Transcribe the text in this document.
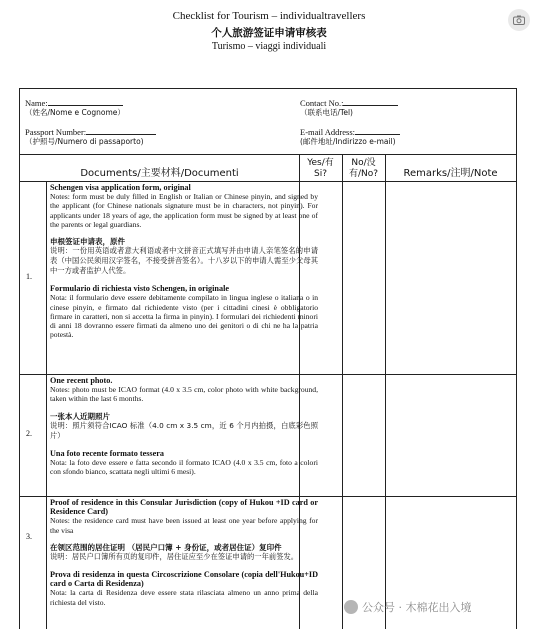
Checklist for Tourism – individualtravellers
个人旅游签证申请审核表
Turismo – viaggi individuali
Name:
（姓名/Nome e Cognome）
Passport Number:
（护照号/Numero di passaporto)
Contact No.:
（联系电话/Tel)
E-mail Address:
(邮件地址/Indirizzo e-mail)
Documents/主要材料/Documenti
Yes/有
Si?
No/没
有/No?	Remarks/注明/Note
1.

Schengen visa application form, original

Notes: form must be duly filled in English or Italian or Chinese pinyin, and signed by the applicant (for Chinese nationals signature must be in characters, not pinyin). For applicants under 18 years of age, the application form must be signed by at least one of the parents or legal guardians.

申根签证申请表，原件

说明：一份用英语或者意大利语或者中文拼音正式填写并由申请人亲笔签名的申请表（中国公民须用汉字签名，不接受拼音签名）。十八岁以下的申请人需至少父母其中一方或者监护人代签。

Formulario di richiesta visto Schengen, in originale

Nota: il formulario deve essere debitamente compilato in lingua inglese o italiana o in cinese pinyin, e firmato dal richiedente visto (per i cittadini cinesi è obbligatorio firmare in caratteri, non si accetta la firma in pinyin). I formulari dei richiedenti minori di anni 18 dovranno essere firmati da almeno uno dei genitori o di chi ne ha la patria potestà.

2.

One recent photo.

Notes: photo must be ICAO format (4.0 x 3.5 cm, color photo with white background, taken within the last 6 months.

一张本人近期照片

说明：照片须符合ICAO 标准（4.0 cm x 3.5 cm，近 6 个月内拍摄，白底彩色照片）

Una foto recente formato tessera

Nota: la foto deve essere e fatta secondo il formato ICAO (4.0 x 3.5 cm, foto a colori con sfondo bianco, scattata negli ultimi 6 mesi).

3.

Proof of residence in this Consular Jurisdiction (copy of Hukou +ID card or Residence Card)

Notes: the residence card must have been issued at least one year before applying for the visa

在领区范围的居住证明 （居民户口簿 + 身份证，或者居住证）复印件

说明：居民户口簿所有页的复印件，居住证应至少在签证申请的一年前签发。

Prova di residenza in questa Circoscrizione Consolare (copia dell'Hukou+ID card o Carta di Residenza)

Nota: la carta di Residenza deve essere stata rilasciata almeno un anno prima della richiesta del visto.	公众号 · 木棉花出入境
